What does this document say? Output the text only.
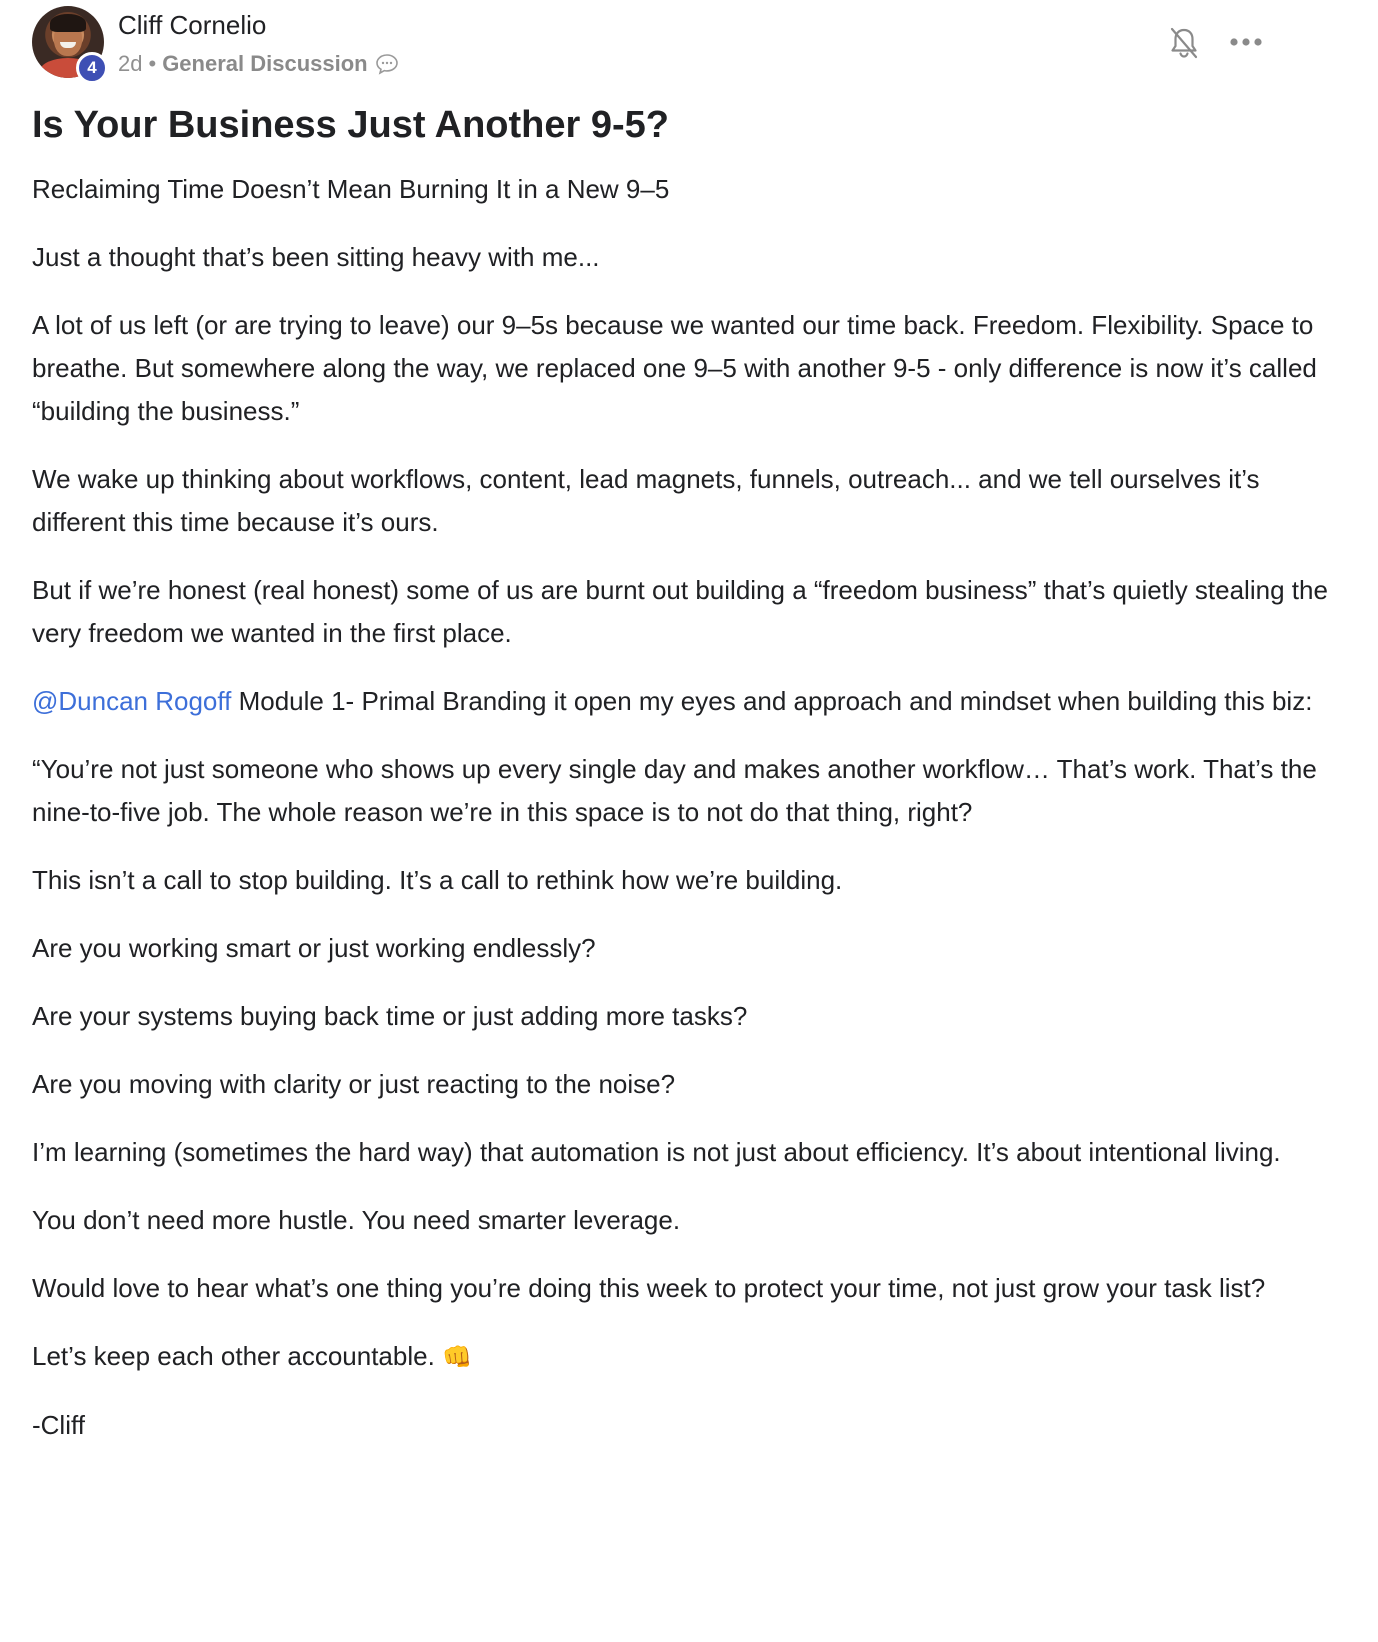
4
Cliff Cornelio
2d • General Discussion
Is Your Business Just Another 9-5?

Reclaiming Time Doesn’t Mean Burning It in a New 9–5

Just a thought that’s been sitting heavy with me...

A lot of us left (or are trying to leave) our 9–5s because we wanted our time back. Freedom. Flexibility. Space to breathe. But somewhere along the way, we replaced one 9–5 with another 9-5 - only difference is now it’s called “building the business.”

We wake up thinking about workflows, content, lead magnets, funnels, outreach... and we tell ourselves it’s different this time because it’s ours.

But if we’re honest (real honest) some of us are burnt out building a “freedom business” that’s quietly stealing the very freedom we wanted in the first place.

@Duncan Rogoff Module 1- Primal Branding it open my eyes and approach and mindset when building this biz:

“You’re not just someone who shows up every single day and makes another workflow… That’s work. That’s the nine-to-five job. The whole reason we’re in this space is to not do that thing, right?

This isn’t a call to stop building. It’s a call to rethink how we’re building.

Are you working smart or just working endlessly?

Are your systems buying back time or just adding more tasks?

Are you moving with clarity or just reacting to the noise?

I’m learning (sometimes the hard way) that automation is not just about efficiency. It’s about intentional living.

You don’t need more hustle. You need smarter leverage.

Would love to hear what’s one thing you’re doing this week to protect your time, not just grow your task list?

Let’s keep each other accountable. 👊

-Cliff
